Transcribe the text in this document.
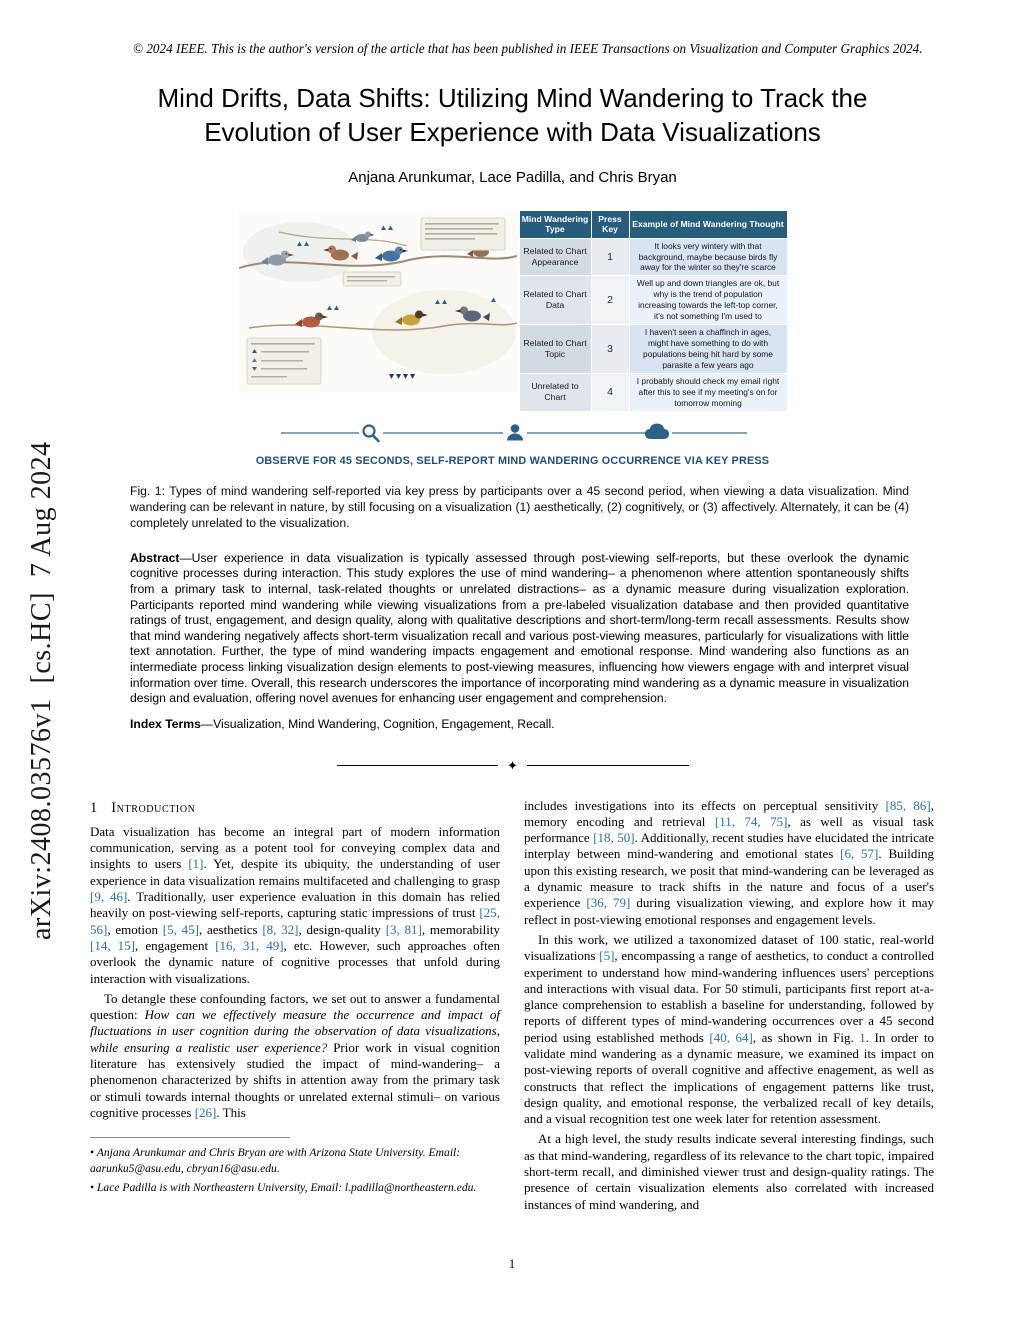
arXiv:2408.03576v1  [cs.HC]  7 Aug 2024
© 2024 IEEE. This is the author's version of the article that has been published in IEEE Transactions on Visualization and Computer Graphics 2024.
Mind Drifts, Data Shifts: Utilizing Mind Wandering to Track the Evolution of User Experience with Data Visualizations
Anjana Arunkumar, Lace Padilla, and Chris Bryan
Mind Wandering Type	Press Key	Example of Mind Wandering Thought
Related to Chart Appearance	1	It looks very wintery with that background, maybe because birds fly away for the winter so they're scarce
Related to Chart Data	2	Well up and down triangles are ok, but why is the trend of population increasing towards the left-top corner, it's not something I'm used to
Related to Chart Topic	3	I haven't seen a chaffinch in ages, might have something to do with populations being hit hard by some parasite a few years ago
Unrelated to Chart	4	I probably should check my email right after this to see if my meeting's on for tomorrow morning
OBSERVE FOR 45 SECONDS, SELF-REPORT MIND WANDERING OCCURRENCE VIA KEY PRESS
Fig. 1: Types of mind wandering self-reported via key press by participants over a 45 second period, when viewing a data visualization. Mind wandering can be relevant in nature, by still focusing on a visualization (1) aesthetically, (2) cognitively, or (3) affectively. Alternately, it can be (4) completely unrelated to the visualization.

Abstract—User experience in data visualization is typically assessed through post-viewing self-reports, but these overlook the dynamic cognitive processes during interaction. This study explores the use of mind wandering– a phenomenon where attention spontaneously shifts from a primary task to internal, task-related thoughts or unrelated distractions– as a dynamic measure during visualization exploration. Participants reported mind wandering while viewing visualizations from a pre-labeled visualization database and then provided quantitative ratings of trust, engagement, and design quality, along with qualitative descriptions and short-term/long-term recall assessments. Results show that mind wandering negatively affects short-term visualization recall and various post-viewing measures, particularly for visualizations with little text annotation. Further, the type of mind wandering impacts engagement and emotional response. Mind wandering also functions as an intermediate process linking visualization design elements to post-viewing measures, influencing how viewers engage with and interpret visual information over time. Overall, this research underscores the importance of incorporating mind wandering as a dynamic measure in visualization design and evaluation, offering novel avenues for enhancing user engagement and comprehension.

Index Terms—Visualization, Mind Wandering, Cognition, Engagement, Recall.

✦
1 Introduction

Data visualization has become an integral part of modern information communication, serving as a potent tool for conveying complex data and insights to users [1]. Yet, despite its ubiquity, the understanding of user experience in data visualization remains multifaceted and challenging to grasp [9, 46]. Traditionally, user experience evaluation in this domain has relied heavily on post-viewing self-reports, capturing static impressions of trust [25, 56], emotion [5, 45], aesthetics [8, 32], design-quality [3, 81], memorability [14, 15], engagement [16, 31, 49], etc. However, such approaches often overlook the dynamic nature of cognitive processes that unfold during interaction with visualizations.

To detangle these confounding factors, we set out to answer a fundamental question: How can we effectively measure the occurrence and impact of fluctuations in user cognition during the observation of data visualizations, while ensuring a realistic user experience? Prior work in visual cognition literature has extensively studied the impact of mind-wandering– a phenomenon characterized by shifts in attention away from the primary task or stimuli towards internal thoughts or unrelated external stimuli– on various cognitive processes [26]. This

• Anjana Arunkumar and Chris Bryan are with Arizona State University. Email: aarunku5@asu.edu, cbryan16@asu.edu.

• Lace Padilla is with Northeastern University, Email: l.padilla@northeastern.edu.

includes investigations into its effects on perceptual sensitivity [85, 86], memory encoding and retrieval [11, 74, 75], as well as visual task performance [18, 50]. Additionally, recent studies have elucidated the intricate interplay between mind-wandering and emotional states [6, 57]. Building upon this existing research, we posit that mind-wandering can be leveraged as a dynamic measure to track shifts in the nature and focus of a user's experience [36, 79] during visualization viewing, and explore how it may reflect in post-viewing emotional responses and engagement levels.

In this work, we utilized a taxonomized dataset of 100 static, real-world visualizations [5], encompassing a range of aesthetics, to conduct a controlled experiment to understand how mind-wandering influences users' perceptions and interactions with visual data. For 50 stimuli, participants first report at-a-glance comprehension to establish a baseline for understanding, followed by reports of different types of mind-wandering occurrences over a 45 second period using established methods [40, 64], as shown in Fig. 1. In order to validate mind wandering as a dynamic measure, we examined its impact on post-viewing reports of overall cognitive and affective enagement, as well as constructs that reflect the implications of engagement patterns like trust, design quality, and emotional response, the verbalized recall of key details, and a visual recognition test one week later for retention assessment.

At a high level, the study results indicate several interesting findings, such as that mind-wandering, regardless of its relevance to the chart topic, impaired short-term recall, and diminished viewer trust and design-quality ratings. The presence of certain visualization elements also correlated with increased instances of mind wandering, and

1
